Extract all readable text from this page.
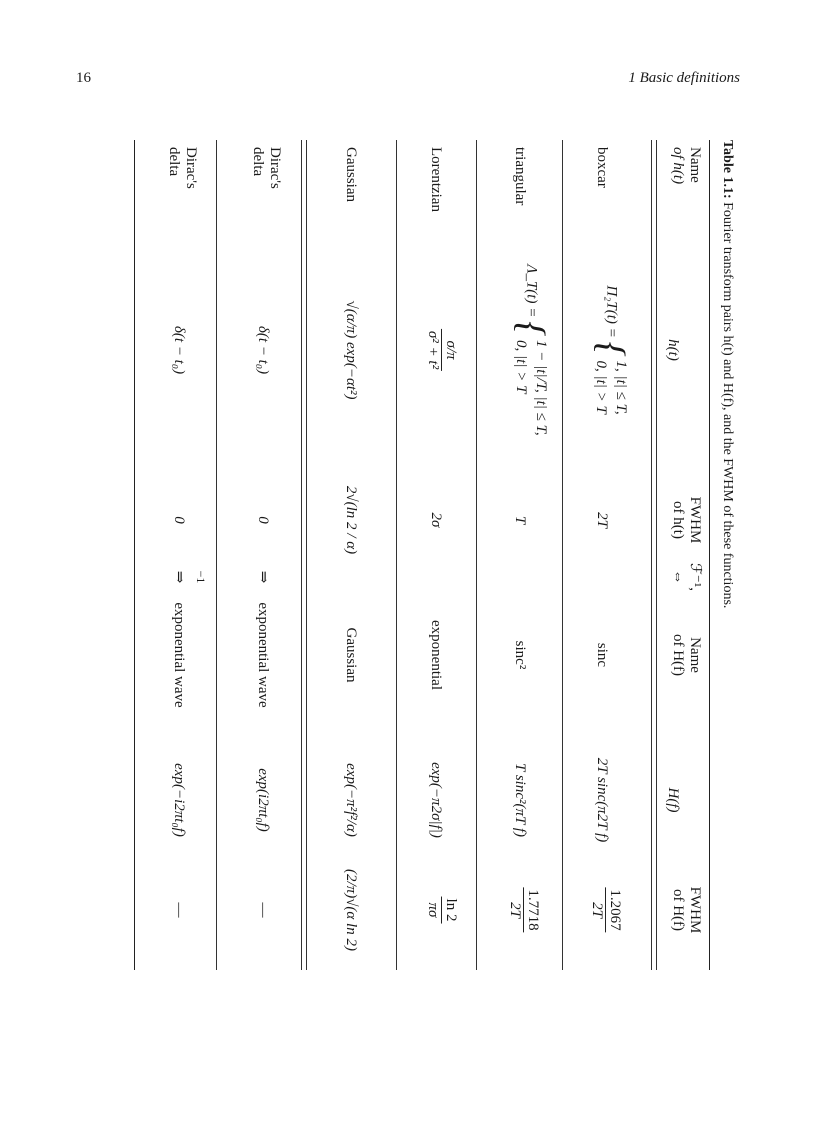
16	1 Basic definitions
Table 1.1: Fourier transform pairs h(t) and H(f), and the FWHM of these functions.
Name
of h(t)
h(t)
FWHM
of h(t)
ℱ⁻¹,
⇔
Name
of H(f)
H(f)
FWHM
of H(f)
boxcar
Π₂T(t) = {
1, |t| ≤ T,
0, |t| > T
2T
sinc
2T sinc(π2T f)
1.2067
2T
triangular
Λ_T(t) = {
1 − |t|/T, |t| ≤ T,
0, |t| > T
T
sinc²
T sinc²(πT f)
1.7718
2T
Lorentzian
σ/π
σ² + t²
2σ
exponential
exp(−π2σ|f|)
ln 2
πσ
Gaussian
√(α/π) exp(−αt²)
2√(ln 2 / α)
Gaussian
exp(−π²f²/α)
(2/π)√(α ln 2)
Dirac's
delta
δ(t − t₀)
0
⇒
exponential wave
exp(i2πt₀f)
—
Dirac's
delta
δ(t − t₀)
0
−1
⇒
exponential wave
exp(−i2πt₀f)
—
